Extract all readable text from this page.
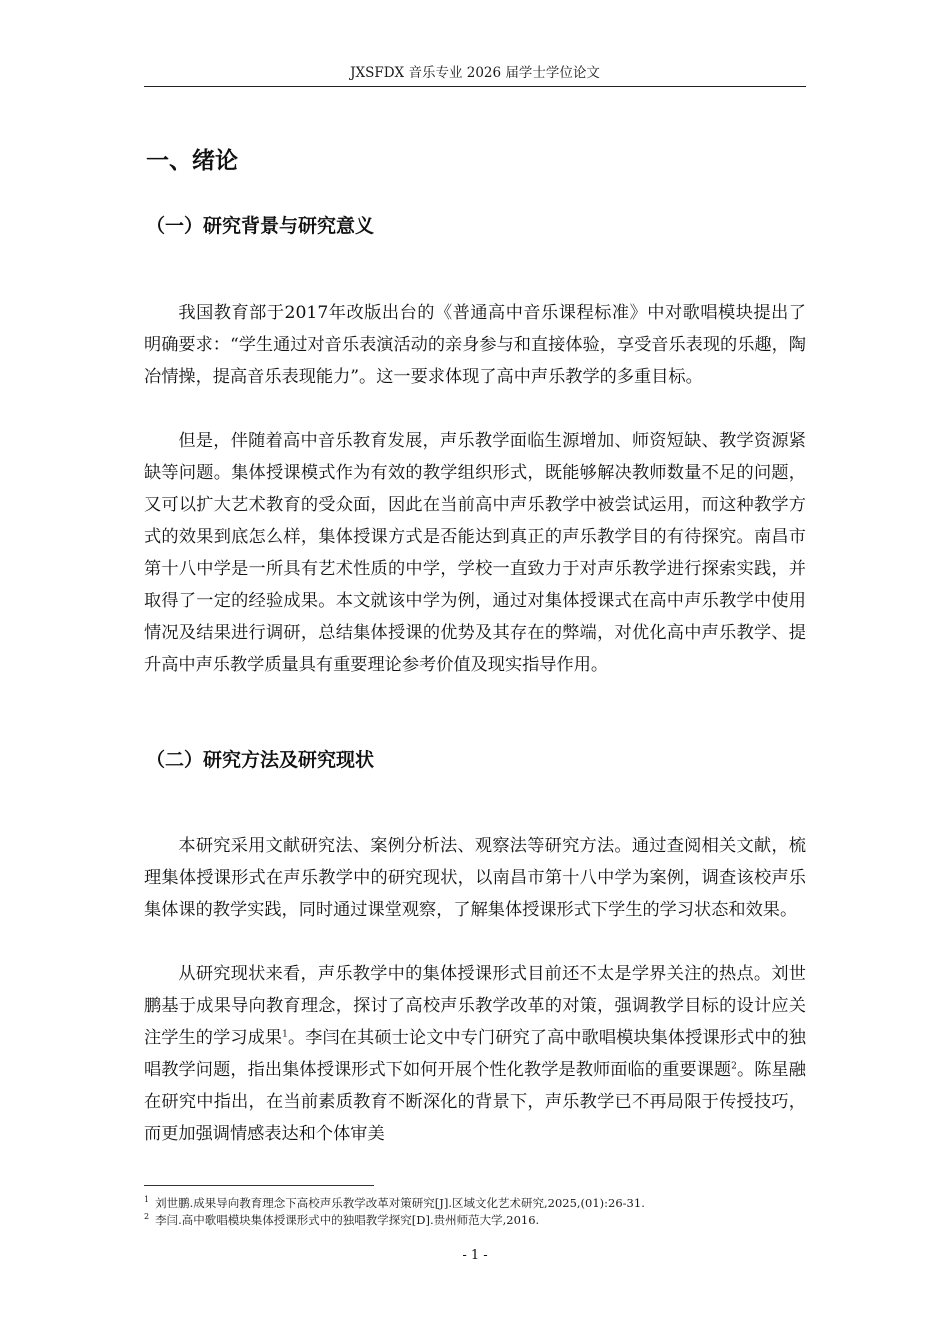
JXSFDX 音乐专业 2026 届学士学位论文
一、绪论
（一）研究背景与研究意义

我国教育部于2017年改版出台的《普通高中音乐课程标准》中对歌唱模块提出了明确要求：“学生通过对音乐表演活动的亲身参与和直接体验，享受音乐表现的乐趣，陶冶情操，提高音乐表现能力”。这一要求体现了高中声乐教学的多重目标。

但是，伴随着高中音乐教育发展，声乐教学面临生源增加、师资短缺、教学资源紧缺等问题。集体授课模式作为有效的教学组织形式，既能够解决教师数量不足的问题，又可以扩大艺术教育的受众面，因此在当前高中声乐教学中被尝试运用，而这种教学方式的效果到底怎么样，集体授课方式是否能达到真正的声乐教学目的有待探究。南昌市第十八中学是一所具有艺术性质的中学，学校一直致力于对声乐教学进行探索实践，并取得了一定的经验成果。本文就该中学为例，通过对集体授课式在高中声乐教学中使用情况及结果进行调研，总结集体授课的优势及其存在的弊端，对优化高中声乐教学、提升高中声乐教学质量具有重要理论参考价值及现实指导作用。

（二）研究方法及研究现状

本研究采用文献研究法、案例分析法、观察法等研究方法。通过查阅相关文献，梳理集体授课形式在声乐教学中的研究现状，以南昌市第十八中学为案例，调查该校声乐集体课的教学实践，同时通过课堂观察，了解集体授课形式下学生的学习状态和效果。

从研究现状来看，声乐教学中的集体授课形式目前还不太是学界关注的热点。刘世鹏基于成果导向教育理念，探讨了高校声乐教学改革的对策，强调教学目标的设计应关注学生的学习成果$^1$。李闫在其硕士论文中专门研究了高中歌唱模块集体授课形式中的独唱教学问题，指出集体授课形式下如何开展个性化教学是教师面临的重要课题$^2$。陈星融在研究中指出，在当前素质教育不断深化的背景下，声乐教学已不再局限于传授技巧，而更加强调情感表达和个体审美

$^1$ 刘世鹏.成果导向教育理念下高校声乐教学改革对策研究[J].区域文化艺术研究,2025,(01):26-31.
$^2$ 李闫.高中歌唱模块集体授课形式中的独唱教学探究[D].贵州师范大学,2016.
- 1 -
